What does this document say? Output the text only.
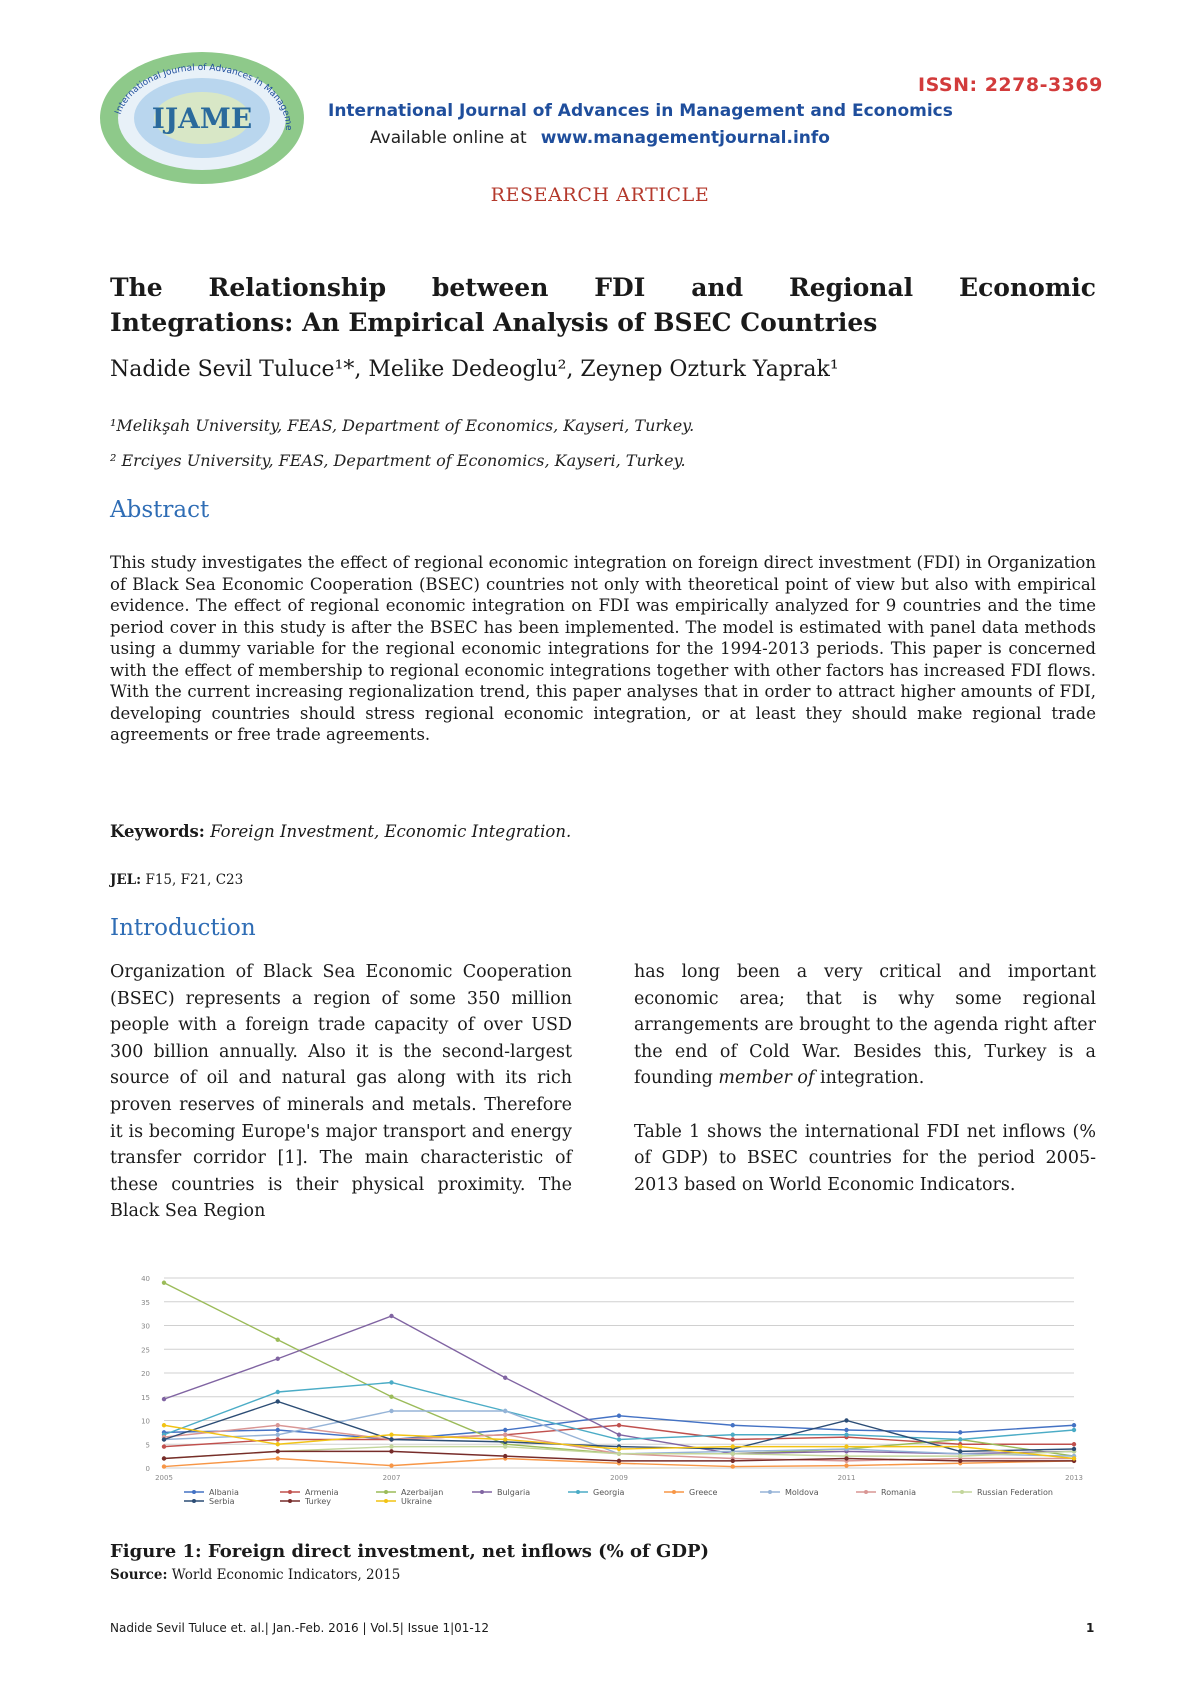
International Journal of Advances in Manageme
IJAME
ISSN: 2278-3369
International Journal of Advances in Management and Economics
Available online at www.managementjournal.info
RESEARCH ARTICLE
The Relationship between FDI and Regional Economic
Integrations: An Empirical Analysis of BSEC Countries
Nadide Sevil Tuluce¹*, Melike Dedeoglu², Zeynep Ozturk Yaprak¹
¹Melikşah University, FEAS, Department of Economics, Kayseri, Turkey.
² Erciyes University, FEAS, Department of Economics, Kayseri, Turkey.
Abstract
This study investigates the effect of regional economic integration on foreign direct investment (FDI) in Organization of Black Sea Economic Cooperation (BSEC) countries not only with theoretical point of view but also with empirical evidence. The effect of regional economic integration on FDI was empirically analyzed for 9 countries and the time period cover in this study is after the BSEC has been implemented. The model is estimated with panel data methods using a dummy variable for the regional economic integrations for the 1994-2013 periods. This paper is concerned with the effect of membership to regional economic integrations together with other factors has increased FDI flows. With the current increasing regionalization trend, this paper analyses that in order to attract higher amounts of FDI, developing countries should stress regional economic integration, or at least they should make regional trade agreements or free trade agreements.
Keywords: Foreign Investment, Economic Integration.
JEL: F15, F21, C23
Introduction

Organization of Black Sea Economic Cooperation (BSEC) represents a region of some 350 million people with a foreign trade capacity of over USD 300 billion annually. Also it is the second-largest source of oil and natural gas along with its rich proven reserves of minerals and metals. Therefore it is becoming Europe's major transport and energy transfer corridor [1]. The main characteristic of these countries is their physical proximity. The Black Sea Region

has long been a very critical and important economic area; that is why some regional arrangements are brought to the agenda right after the end of Cold War. Besides this, Turkey is a founding member of integration.

Table 1 shows the international FDI net inflows (% of GDP) to BSEC countries for the period 2005-2013 based on World Economic Indicators.

0
5
10
15
20
25
30
35
40
2005	2007	2009	2011	2013
Albania	Armenia	Azerbaijan	Bulgaria	Georgia	Greece	Moldova	Romania	Russian Federation
Serbia	Turkey	Ukraine
Figure 1: Foreign direct investment, net inflows (% of GDP)
Source: World Economic Indicators, 2015
Nadide Sevil Tuluce et. al.| Jan.-Feb. 2016 | Vol.5| Issue 1|01-12	1
